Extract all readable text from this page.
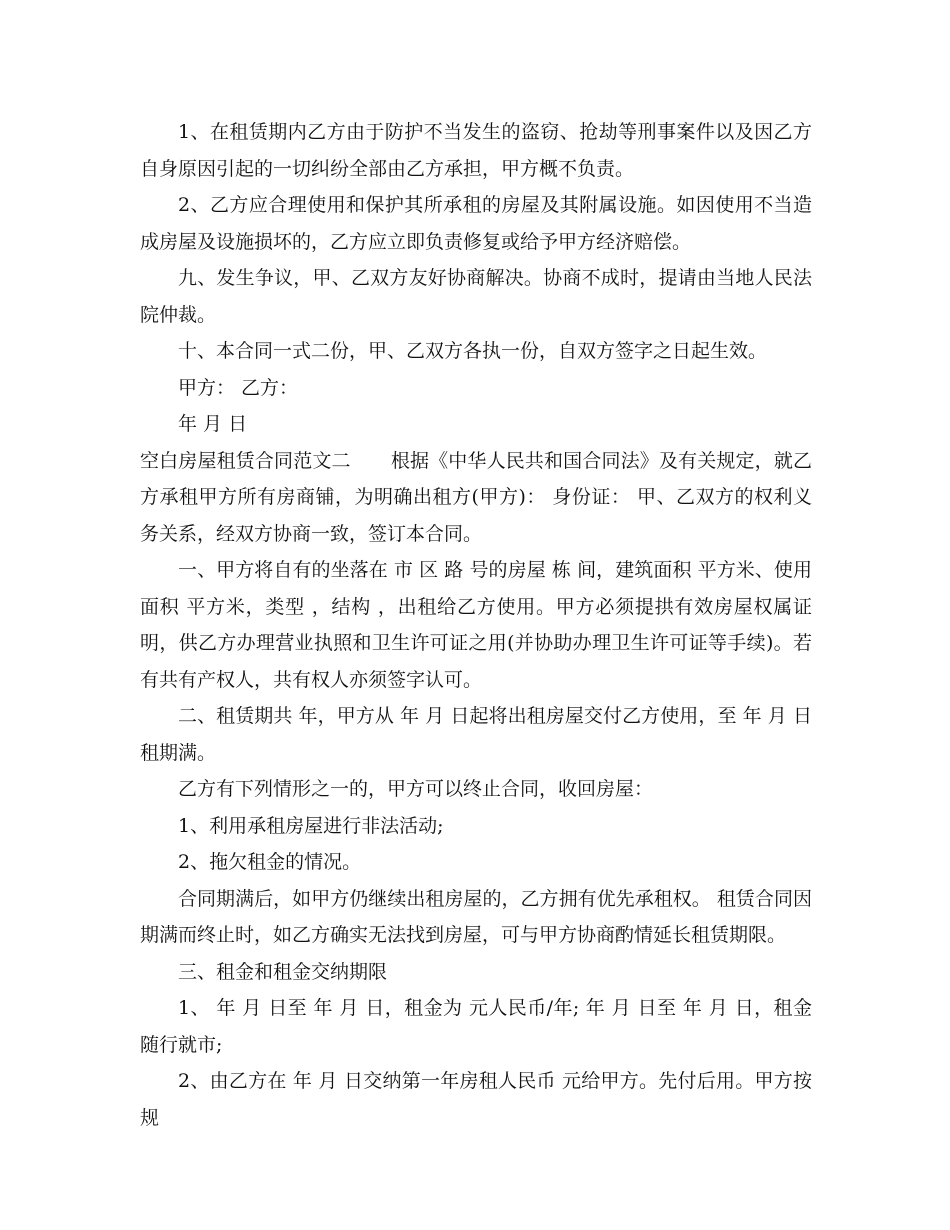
1、在租赁期内乙方由于防护不当发生的盗窃、抢劫等刑事案件以及因乙方自身原因引起的一切纠纷全部由乙方承担，甲方概不负责。

2、乙方应合理使用和保护其所承租的房屋及其附属设施。如因使用不当造成房屋及设施损坏的，乙方应立即负责修复或给予甲方经济赔偿。

九、发生争议，甲、乙双方友好协商解决。协商不成时，提请由当地人民法院仲裁。

十、本合同一式二份，甲、乙双方各执一份，自双方签字之日起生效。

甲方： 乙方：

年 月 日

空白房屋租赁合同范文二 根据《中华人民共和国合同法》及有关规定，就乙方承租甲方所有房商铺，为明确出租方(甲方)： 身份证： 甲、乙双方的权利义务关系，经双方协商一致，签订本合同。

一、甲方将自有的坐落在 市 区 路 号的房屋 栋 间，建筑面积 平方米、使用面积 平方米，类型 ，结构 ，出租给乙方使用。甲方必须提拱有效房屋权属证明，供乙方办理营业执照和卫生许可证之用(并协助办理卫生许可证等手续)。若有共有产权人，共有权人亦须签字认可。

二、租赁期共 年，甲方从 年 月 日起将出租房屋交付乙方使用，至 年 月 日租期满。

乙方有下列情形之一的，甲方可以终止合同，收回房屋：

1、利用承租房屋进行非法活动;

2、拖欠租金的情况。

合同期满后，如甲方仍继续出租房屋的，乙方拥有优先承租权。 租赁合同因期满而终止时，如乙方确实无法找到房屋，可与甲方协商酌情延长租赁期限。

三、租金和租金交纳期限

1、 年 月 日至 年 月 日，租金为 元人民币/年; 年 月 日至 年 月 日，租金随行就市;

2、由乙方在 年 月 日交纳第一年房租人民币 元给甲方。先付后用。甲方按规
